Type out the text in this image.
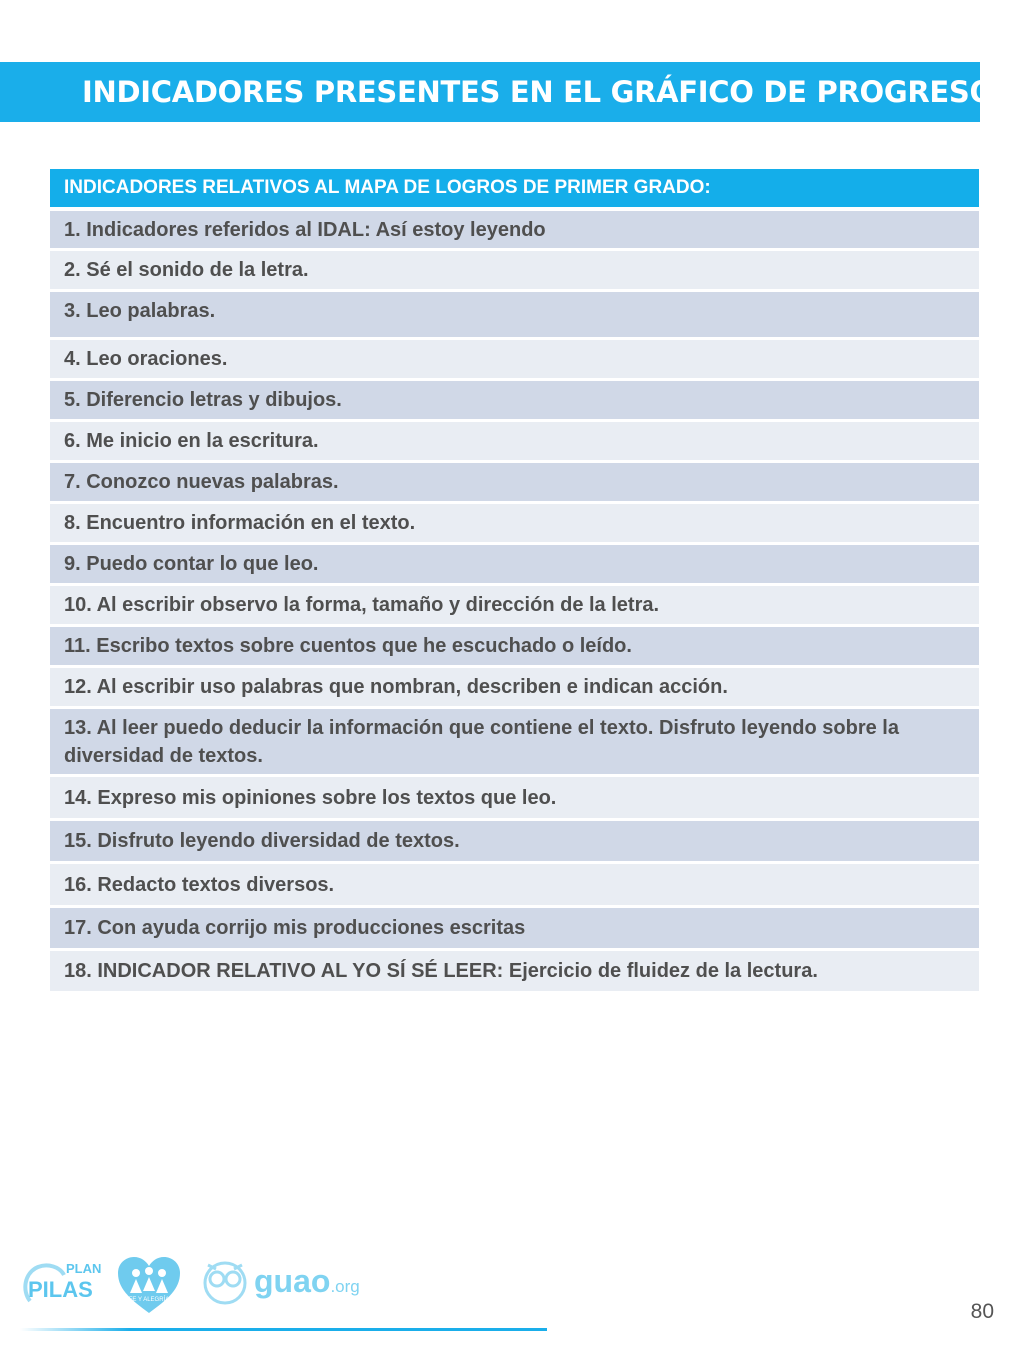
INDICADORES PRESENTES EN EL GRÁFICO DE PROGRESO
INDICADORES RELATIVOS AL MAPA DE LOGROS DE PRIMER GRADO:
1. Indicadores referidos al IDAL: Así estoy leyendo
2. Sé el sonido de la letra.
3. Leo palabras.
4. Leo oraciones.
5. Diferencio letras y dibujos.
6. Me inicio en la escritura.
7. Conozco nuevas palabras.
8. Encuentro información en el texto.
9. Puedo contar lo que leo.
10. Al escribir observo la forma, tamaño y dirección de la letra.
11. Escribo textos sobre cuentos que he escuchado o leído.
12. Al escribir uso palabras que nombran, describen e indican acción.
13. Al leer puedo deducir la información que contiene el texto. Disfruto leyendo sobre la diversidad de textos.
14. Expreso mis opiniones sobre los textos que leo.
15. Disfruto leyendo diversidad de textos.
16. Redacto textos diversos.
17. Con ayuda corrijo mis producciones escritas
18. INDICADOR RELATIVO AL YO SÍ SÉ LEER: Ejercicio de fluidez de la lectura.
PLAN
PILAS	FE Y ALEGRÍA
guao.org
80
